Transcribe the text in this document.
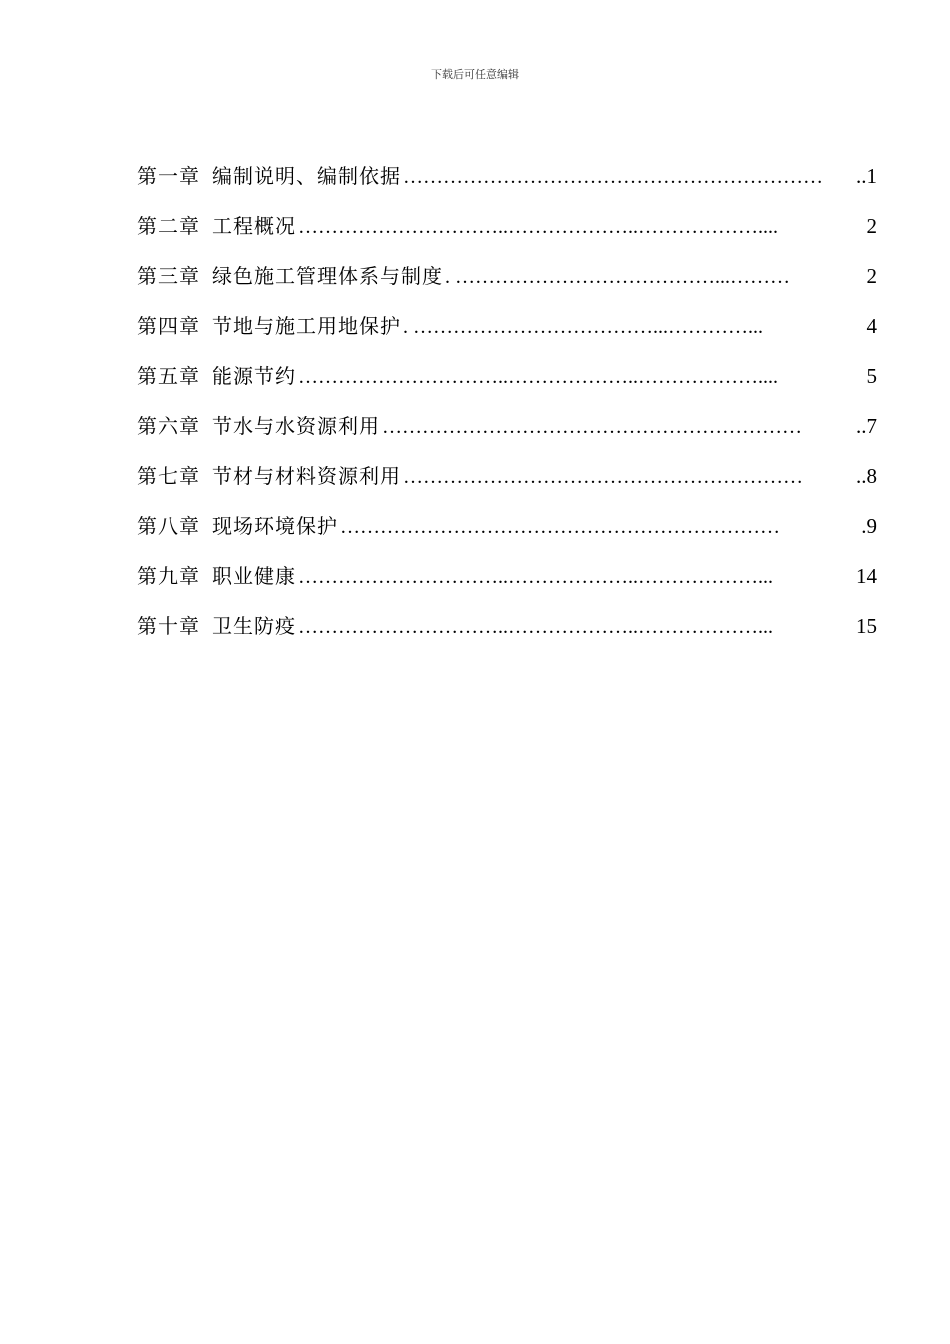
下载后可任意编辑
第一章 编制说明、编制依据 ………………………………………………………	..1
第二章 工程概况 …………………………..………………..………………....	2
第三章 绿色施工管理体系与制度 . …………………………………...………	2
第四章 节地与施工用地保护 . ………………………………...…………...	4
第五章 能源节约 …………………………..………………..………………....	5
第六章 节水与水资源利用 ………………………………………………………	..7
第七章 节材与材料资源利用 ……………………………………………………	..8
第八章 现场环境保护 …………………………………………………………	.9
第九章 职业健康 …………………………..………………..………………...	14
第十章 卫生防疫 …………………………..………………..………………...	15
